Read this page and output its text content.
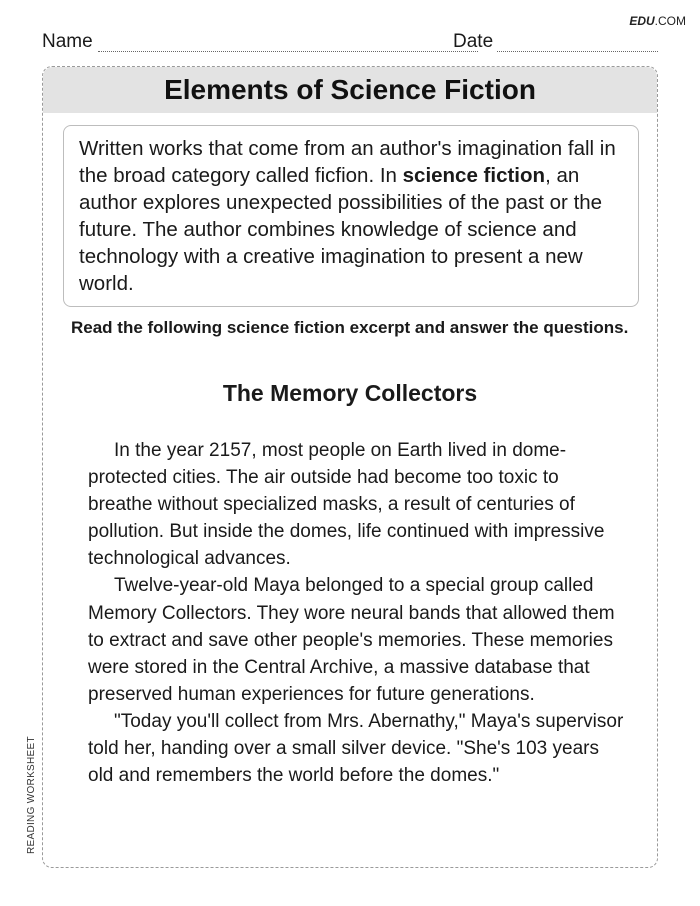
EDU.COM
Name	Date
Elements of Science Fiction

Written works that come from an author's imagination fall in the broad category called ficfion. In science fiction, an author explores unexpected possibilities of the past or the future. The author combines knowledge of science and technology with a creative imagination to present a new world.

Read the following science fiction excerpt and answer the questions.

The Memory Collectors

In the year 2157, most people on Earth lived in dome-protected cities. The air outside had become too toxic to breathe without specialized masks, a result of centuries of pollution. But inside the domes, life continued with impressive technological advances.

Twelve-year-old Maya belonged to a special group called Memory Collectors. They wore neural bands that allowed them to extract and save other people's memories. These memories were stored in the Central Archive, a massive database that preserved human experiences for future generations.

"Today you'll collect from Mrs. Abernathy," Maya's supervisor told her, handing over a small silver device. "She's 103 years old and remembers the world before the domes."

READING WORKSHEET
